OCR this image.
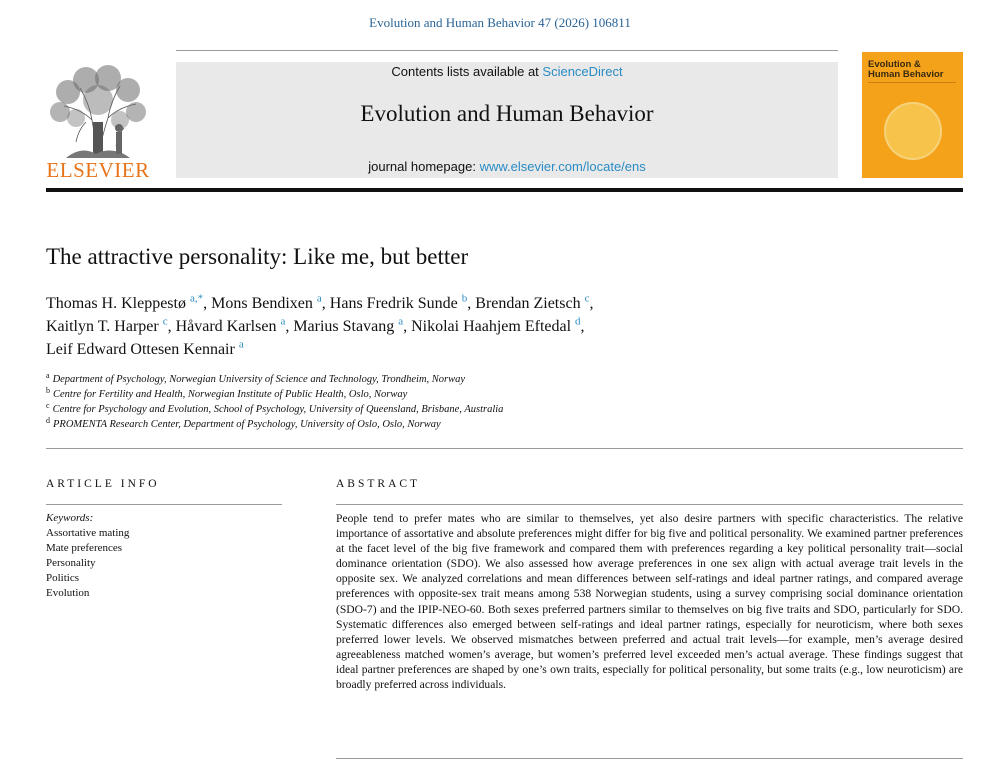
Evolution and Human Behavior 47 (2026) 106811
ELSEVIER
Contents lists available at ScienceDirect
Evolution and Human Behavior
journal homepage: www.elsevier.com/locate/ens
Evolution &
Human Behavior
The attractive personality: Like me, but better
Thomas H. Kleppestø $^{a,*}$, Mons Bendixen $^a$, Hans Fredrik Sunde $^b$, Brendan Zietsch $^c$,
Kaitlyn T. Harper $^c$, Håvard Karlsen $^a$, Marius Stavang $^a$, Nikolai Haahjem Eftedal $^d$,
Leif Edward Ottesen Kennair $^a$
$^a$ Department of Psychology, Norwegian University of Science and Technology, Trondheim, Norway
$^b$ Centre for Fertility and Health, Norwegian Institute of Public Health, Oslo, Norway
$^c$ Centre for Psychology and Evolution, School of Psychology, University of Queensland, Brisbane, Australia
$^d$ PROMENTA Research Center, Department of Psychology, University of Oslo, Oslo, Norway
ARTICLE INFO	ABSTRACT
Keywords:
Assortative mating
Mate preferences
Personality
Politics
Evolution
People tend to prefer mates who are similar to themselves, yet also desire partners with specific characteristics. The relative importance of assortative and absolute preferences might differ for big five and political personality. We examined partner preferences at the facet level of the big five framework and compared them with preferences regarding a key political personality trait—social dominance orientation (SDO). We also assessed how average preferences in one sex align with actual average trait levels in the opposite sex. We analyzed correlations and mean differences between self-ratings and ideal partner ratings, and compared average preferences with opposite-sex trait means among 538 Norwegian students, using a survey comprising social dominance orientation (SDO-7) and the IPIP-NEO-60. Both sexes preferred partners similar to themselves on big five traits and SDO, particularly for SDO. Systematic differences also emerged between self-ratings and ideal partner ratings, especially for neuroticism, where both sexes preferred lower levels. We observed mismatches between preferred and actual trait levels—for example, men’s average desired agreeableness matched women’s average, but women’s preferred level exceeded men’s actual average. These findings suggest that ideal partner preferences are shaped by one’s own traits, especially for political personality, but some traits (e.g., low neuroticism) are broadly preferred across individuals.
